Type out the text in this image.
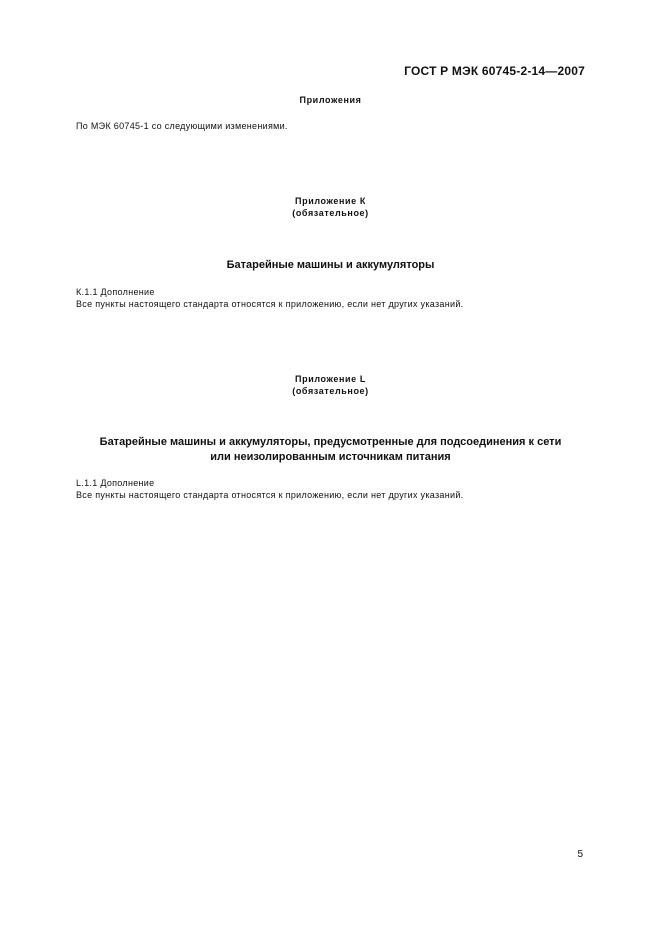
ГОСТ Р МЭК 60745-2-14—2007
Приложения
По МЭК 60745-1 со следующими изменениями.
Приложение К
(обязательное)
Батарейные машины и аккумуляторы
К.1.1 Дополнение
Все пункты настоящего стандарта относятся к приложению, если нет других указаний.
Приложение L
(обязательное)
Батарейные машины и аккумуляторы, предусмотренные для подсоединения к сети
или неизолированным источникам питания
L.1.1 Дополнение
Все пункты настоящего стандарта относятся к приложению, если нет других указаний.
5
